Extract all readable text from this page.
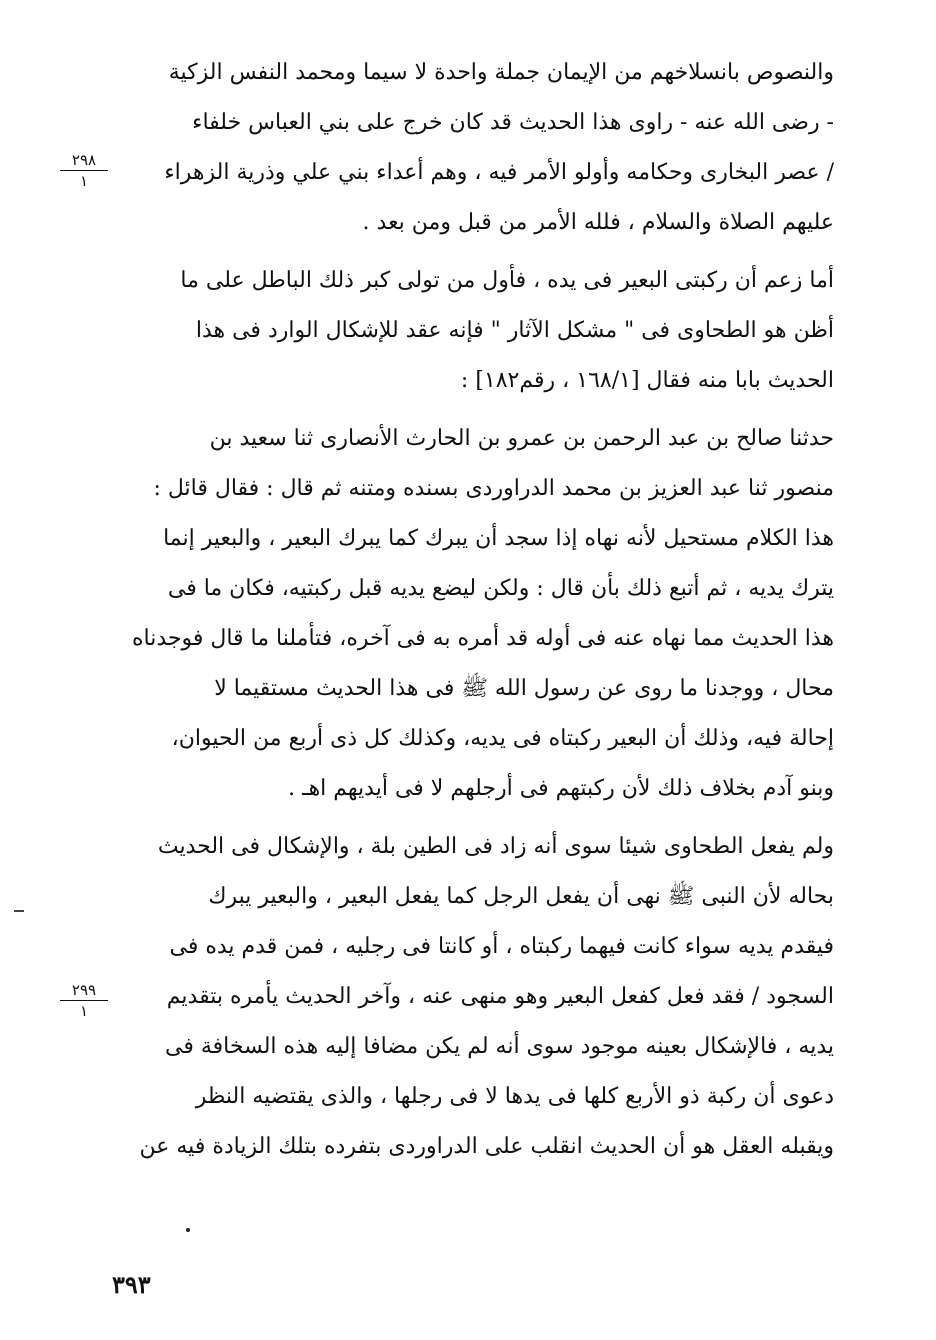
والنصوص بانسلاخهم من الإيمان جملة واحدة لا سيما ومحمد النفس الزكية
- رضى الله عنه - راوى هذا الحديث قد كان خرج على بني العباس خلفاء
/ عصر البخارى وحكامه وأولو الأمر فيه ، وهم أعداء بني علي وذرية الزهراء
عليهم الصلاة والسلام ، فلله الأمر من قبل ومن بعد .
أما زعم أن ركبتى البعير فى يده ، فأول من تولى كبر ذلك الباطل على ما
أظن هو الطحاوى فى " مشكل الآثار " فإنه عقد للإشكال الوارد فى هذا
الحديث بابا منه فقال [١٦٨/١ ، رقم١٨٢] :
حدثنا صالح بن عبد الرحمن بن عمرو بن الحارث الأنصارى ثنا سعيد بن
منصور ثنا عبد العزيز بن محمد الدراوردى بسنده ومتنه ثم قال : فقال قائل :
هذا الكلام مستحيل لأنه نهاه إذا سجد أن يبرك كما يبرك البعير ، والبعير إنما
يترك يديه ، ثم أتبع ذلك بأن قال : ولكن ليضع يديه قبل ركبتيه، فكان ما فى
هذا الحديث مما نهاه عنه فى أوله قد أمره به فى آخره، فتأملنا ما قال فوجدناه
محال ، ووجدنا ما روى عن رسول الله ﷺ فى هذا الحديث مستقيما لا
إحالة فيه، وذلك أن البعير ركبتاه فى يديه، وكذلك كل ذى أربع من الحيوان،
وبنو آدم بخلاف ذلك لأن ركبتهم فى أرجلهم لا فى أيديهم اهـ .
ولم يفعل الطحاوى شيئا سوى أنه زاد فى الطين بلة ، والإشكال فى الحديث
بحاله لأن النبى ﷺ نهى أن يفعل الرجل كما يفعل البعير ، والبعير يبرك
فيقدم يديه سواء كانت فيهما ركبتاه ، أو كانتا فى رجليه ، فمن قدم يده فى
السجود / فقد فعل كفعل البعير وهو منهى عنه ، وآخر الحديث يأمره بتقديم
يديه ، فالإشكال بعينه موجود سوى أنه لم يكن مضافا إليه هذه السخافة فى
دعوى أن ركبة ذو الأربع كلها فى يدها لا فى رجلها ، والذى يقتضيه النظر
ويقبله العقل هو أن الحديث انقلب على الدراوردى بتفرده بتلك الزيادة فيه عن
٢٩٨
١
٢٩٩
١
٣٩٣
